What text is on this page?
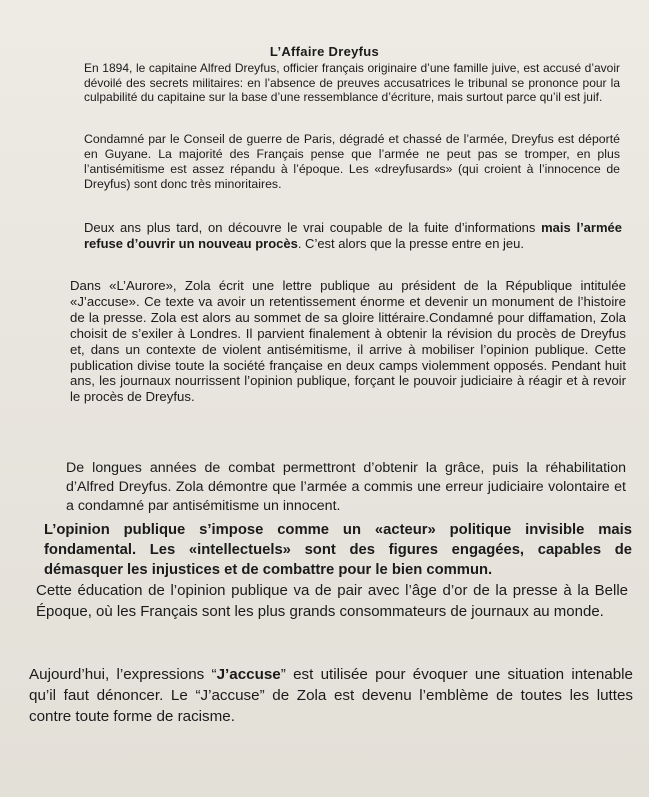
L’Affaire Dreyfus

En 1894, le capitaine Alfred Dreyfus, officier français originaire d’une famille juive, est accusé d’avoir dévoilé des secrets militaires: en l’absence de preuves accusatrices le tribunal se prononce pour la culpabilité du capitaine sur la base d’une ressemblance d’écriture, mais surtout parce qu’il est juif.

Condamné par le Conseil de guerre de Paris, dégradé et chassé de l’armée, Dreyfus est déporté en Guyane. La majorité des Français pense que l’armée ne peut pas se tromper, en plus l’antisémitisme est assez répandu à l’époque. Les «dreyfusards» (qui croient à l’innocence de Dreyfus) sont donc très minoritaires.

Deux ans plus tard, on découvre le vrai coupable de la fuite d’informations mais l’armée refuse d’ouvrir un nouveau procès. C’est alors que la presse entre en jeu.

Dans «L’Aurore», Zola écrit une lettre publique au président de la République intitulée «J’accuse». Ce texte va avoir un retentissement énorme et devenir un monument de l’histoire de la presse. Zola est alors au sommet de sa gloire littéraire.Condamné pour diffamation, Zola choisit de s’exiler à Londres. Il parvient finalement à obtenir la révision du procès de Dreyfus et, dans un contexte de violent antisémitisme, il arrive à mobiliser l’opinion publique. Cette publication divise toute la société française en deux camps violemment opposés. Pendant huit ans, les journaux nourrissent l’opinion publique, forçant le pouvoir judiciaire à réagir et à revoir le procès de Dreyfus.

De longues années de combat permettront d’obtenir la grâce, puis la réhabilitation d’Alfred Dreyfus. Zola démontre que l’armée a commis une erreur judiciaire volontaire et a condamné par antisémitisme un innocent.

L’opinion publique s’impose comme un «acteur» politique invisible mais fondamental. Les «intellectuels» sont des figures engagées, capables de démasquer les injustices et de combattre pour le bien commun.

Cette éducation de l’opinion publique va de pair avec l’âge d’or de la presse à la Belle Époque, où les Français sont les plus grands consommateurs de journaux au monde.

Aujourd’hui, l’expressions “J’accuse” est utilisée pour évoquer une situation intenable qu’il faut dénoncer. Le “J’accuse” de Zola est devenu l’emblème de toutes les luttes contre toute forme de racisme.
